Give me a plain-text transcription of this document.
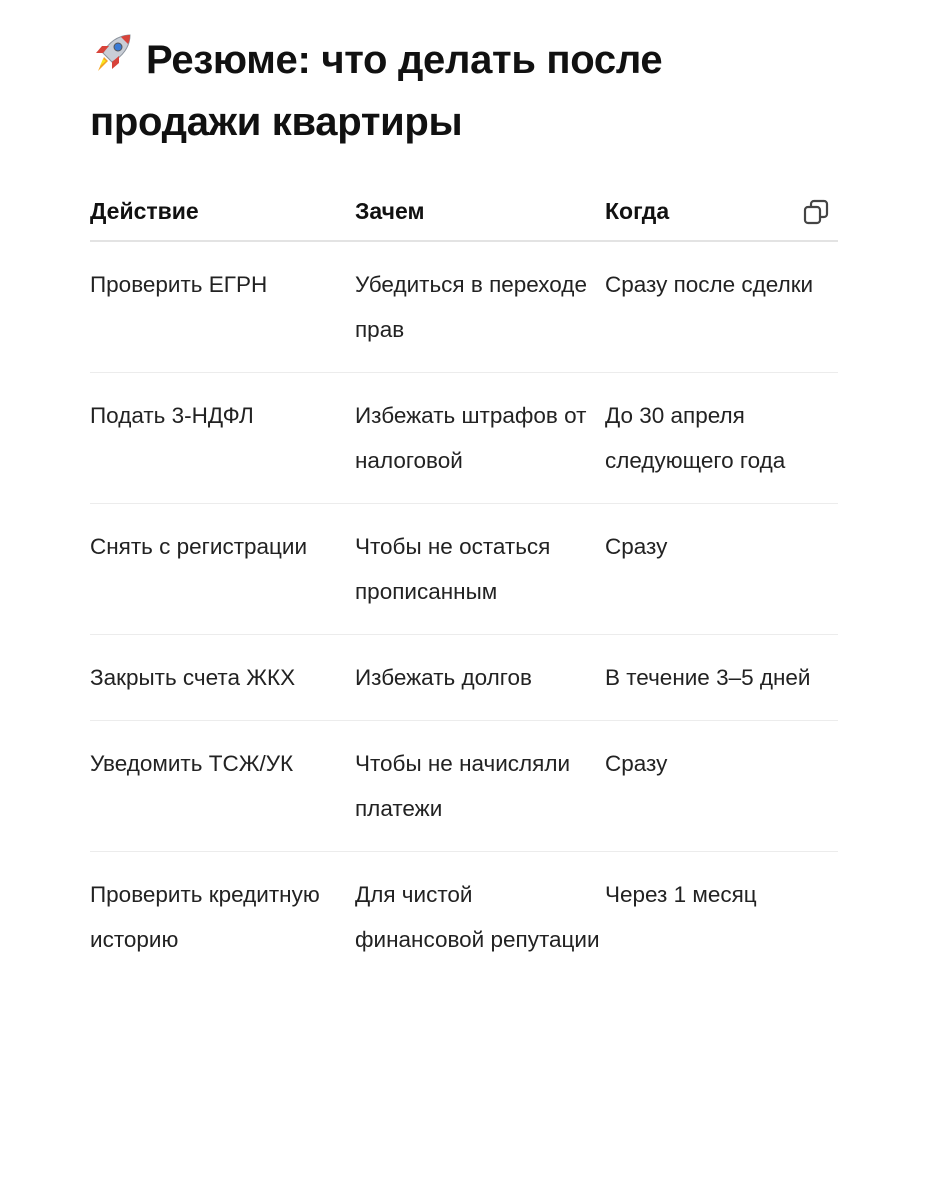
Резюме: что делать после продажи квартиры
Действие	Зачем	Когда

Проверить ЕГРН	Убедиться в переходе прав	Сразу после сделки
Подать 3-НДФЛ	Избежать штрафов от налоговой	До 30 апреля следующего года
Снять с регистрации	Чтобы не остаться прописанным	Сразу
Закрыть счета ЖКХ	Избежать долгов	В течение 3–5 дней
Уведомить ТСЖ/УК	Чтобы не начисляли платежи	Сразу
Проверить кредитную историю	Для чистой финансовой репутации	Через 1 месяц
